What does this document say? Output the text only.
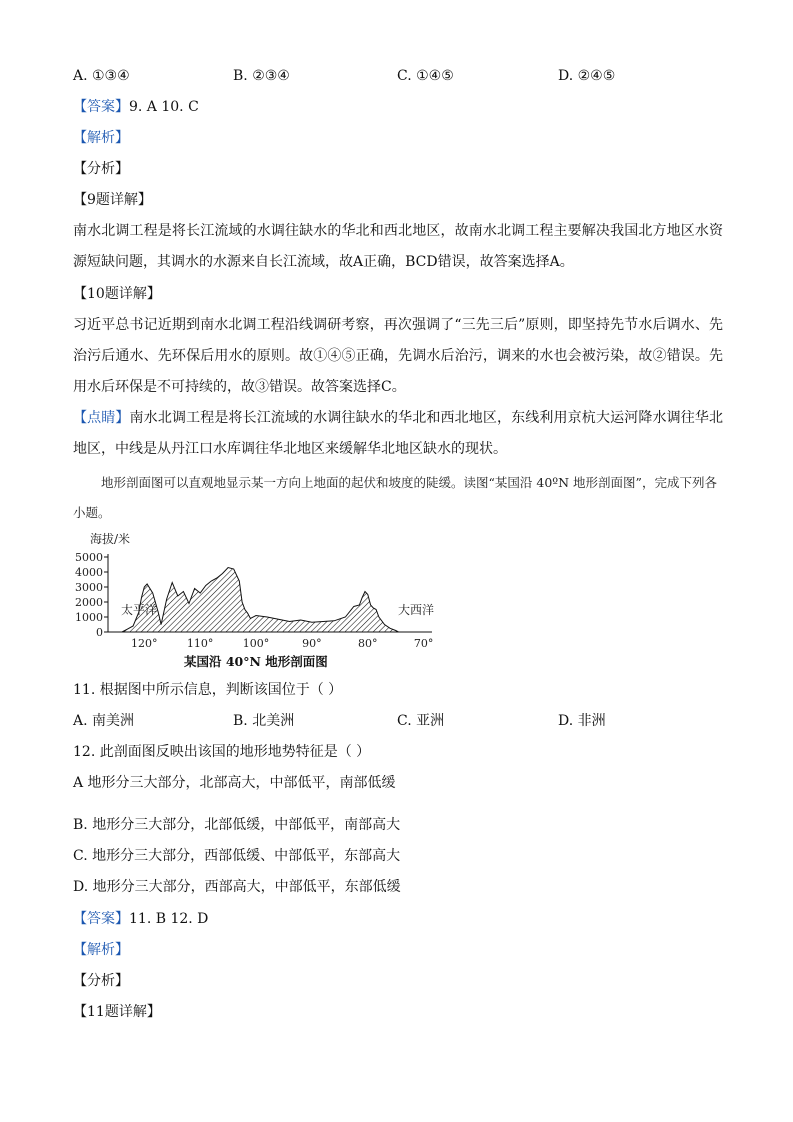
A. ①③④	B. ②③④	C. ①④⑤	D. ②④⑤
【答案】9. A 10. C
【解析】
【分析】
【9题详解】
南水北调工程是将长江流域的水调往缺水的华北和西北地区，故南水北调工程主要解决我国北方地区水资源短缺问题，其调水的水源来自长江流域，故A正确，BCD错误，故答案选择A。
【10题详解】
习近平总书记近期到南水北调工程沿线调研考察，再次强调了“三先三后”原则，即坚持先节水后调水、先治污后通水、先环保后用水的原则。故①④⑤正确，先调水后治污，调来的水也会被污染，故②错误。先用水后环保是不可持续的，故③错误。故答案选择C。
【点睛】南水北调工程是将长江流域的水调往缺水的华北和西北地区，东线利用京杭大运河降水调往华北地区，中线是从丹江口水库调往华北地区来缓解华北地区缺水的现状。
地形剖面图可以直观地显示某一方向上地面的起伏和坡度的陡缓。读图“某国沿 40ºN 地形剖面图”，完成下列各小题。
海拔/米
5000
4000
3000
2000
1000
0
太平洋	大西洋
120°	110°	100°	90°	80°	70°
某国沿 40°N 地形剖面图
11. 根据图中所示信息，判断该国位于（ ）
A. 南美洲	B. 北美洲	C. 亚洲	D. 非洲
12. 此剖面图反映出该国的地形地势特征是（ ）
A 地形分三大部分，北部高大，中部低平，南部低缓
B. 地形分三大部分，北部低缓，中部低平，南部高大
C. 地形分三大部分，西部低缓、中部低平，东部高大
D. 地形分三大部分，西部高大，中部低平，东部低缓
【答案】11. B 12. D
【解析】
【分析】
【11题详解】
